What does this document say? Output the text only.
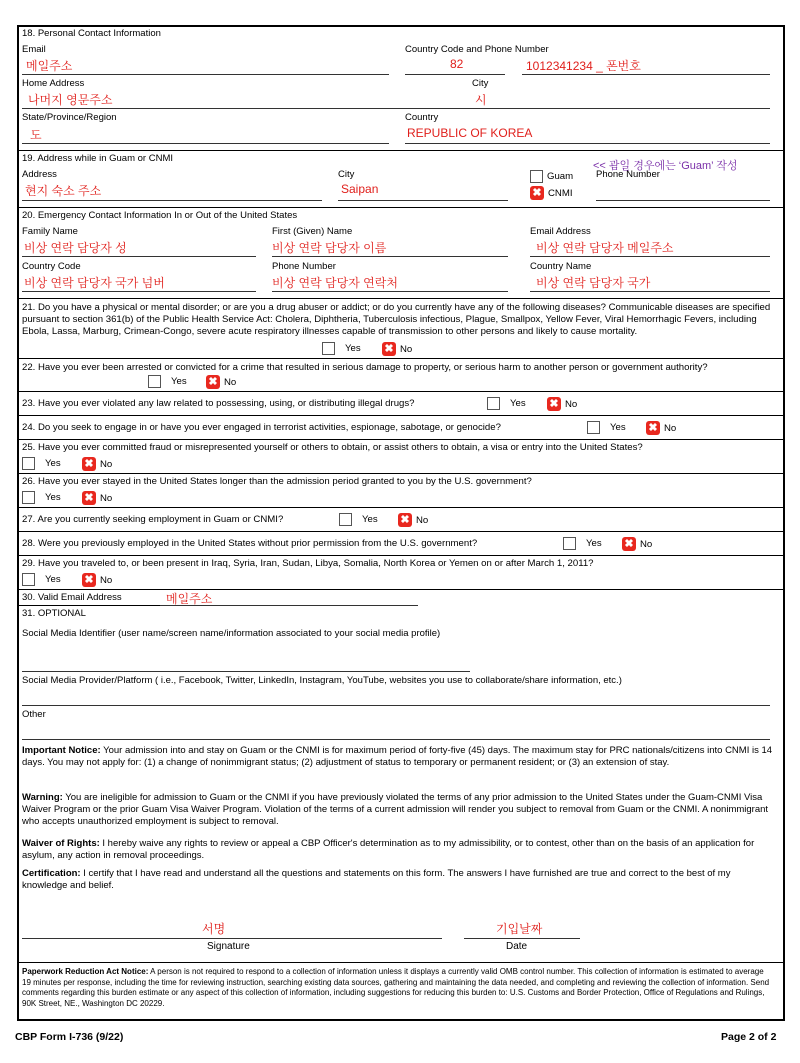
18. Personal Contact Information
Email
메일주소
Country Code and Phone Number
82	1012341234 _ 폰번호
Home Address
나머지 영문주소
City
시
State/Province/Region
도
Country
REPUBLIC OF KOREA
19. Address while in Guam or CNMI
<< 괌일 경우에는 ‘Guam’ 작성
Address
현지 숙소 주소
City
Saipan
Guam
✖ CNMI
Phone Number
20. Emergency Contact Information In or Out of the United States
Family Name
비상 연락 담당자 성
First (Given) Name
비상 연락 담당자 이름
Email Address
비상 연락 담당자 메일주소
Country Code
비상 연락 담당자 국가 넘버
Phone Number
비상 연락 담당자 연락처
Country Name
비상 연락 담당자 국가
21. Do you have a physical or mental disorder; or are you a drug abuser or addict; or do you currently have any of the following diseases? Communicable diseases are specified pursuant to section 361(b) of the Public Health Service Act: Cholera, Diphtheria, Tuberculosis infectious, Plague, Smallpox, Yellow Fever, Viral Hemorrhagic Fevers, including Ebola, Lassa, Marburg, Crimean-Congo, severe acute respiratory illnesses capable of transmission to other persons and likely to cause mortality.
Yes ✖ No
22. Have you ever been arrested or convicted for a crime that resulted in serious damage to property, or serious harm to another person or government authority?
Yes ✖ No
23. Have you ever violated any law related to possessing, using, or distributing illegal drugs?	Yes ✖ No
24. Do you seek to engage in or have you ever engaged in terrorist activities, espionage, sabotage, or genocide?	Yes ✖ No
25. Have you ever committed fraud or misrepresented yourself or others to obtain, or assist others to obtain, a visa or entry into the United States?
Yes ✖ No
26. Have you ever stayed in the United States longer than the admission period granted to you by the U.S. government?
Yes ✖ No
27. Are you currently seeking employment in Guam or CNMI?	Yes ✖ No
28. Were you previously employed in the United States without prior permission from the U.S. government?	Yes ✖ No
29. Have you traveled to, or been present in Iraq, Syria, Iran, Sudan, Libya, Somalia, North Korea or Yemen on or after March 1, 2011?
Yes ✖ No
30. Valid Email Address	메일주소
31. OPTIONAL
Social Media Identifier (user name/screen name/information associated to your social media profile)
Social Media Provider/Platform ( i.e., Facebook, Twitter, LinkedIn, Instagram, YouTube, websites you use to collaborate/share information, etc.)
Other
Important Notice: Your admission into and stay on Guam or the CNMI is for maximum period of forty-five (45) days. The maximum stay for PRC nationals/citizens into CNMI is 14 days. You may not apply for: (1) a change of nonimmigrant status; (2) adjustment of status to temporary or permanent resident; or (3) an extension of stay.
Warning: You are ineligible for admission to Guam or the CNMI if you have previously violated the terms of any prior admission to the United States under the Guam-CNMI Visa Waiver Program or the prior Guam Visa Waiver Program. Violation of the terms of a current admission will render you subject to removal from Guam or the CNMI. A nonimmigrant who accepts unauthorized employment is subject to removal.
Waiver of Rights: I hereby waive any rights to review or appeal a CBP Officer's determination as to my admissibility, or to contest, other than on the basis of an application for asylum, any action in removal proceedings.
Certification: I certify that I have read and understand all the questions and statements on this form. The answers I have furnished are true and correct to the best of my knowledge and belief.
서명
Signature
기입날짜
Date
Paperwork Reduction Act Notice: A person is not required to respond to a collection of information unless it displays a currently valid OMB control number. This collection of information is estimated to average 19 minutes per response, including the time for reviewing instruction, searching existing data sources, gathering and maintaining the data needed, and completing and reviewing the collection of information. Send comments regarding this burden estimate or any aspect of this collection of information, including suggestions for reducing this burden to: U.S. Customs and Border Protection, Office of Regulations and Rulings, 90K Street, NE., Washington DC 20229.
CBP Form I-736 (9/22)	Page 2 of 2
